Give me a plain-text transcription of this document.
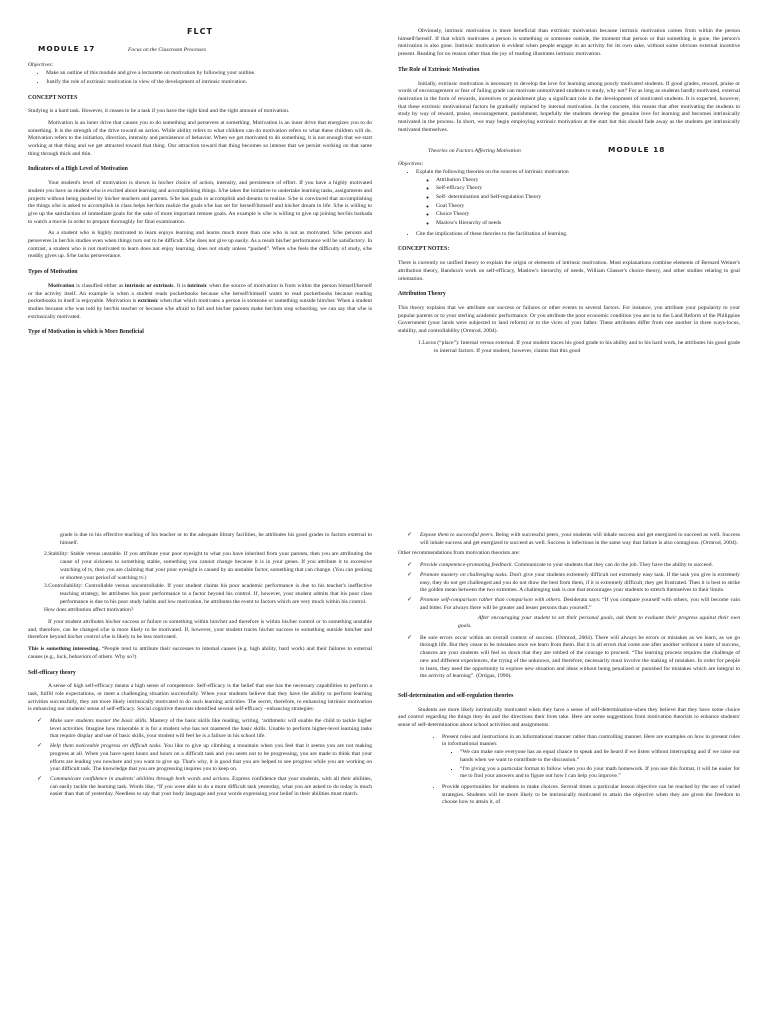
FLCT
MODULE 17	Focus on the Classroom Processes

Objectives:

• Make an outline of this module and give a lecturette on motivation by following your outline.
• Justify the role of extrinsic motivation in view of the development of intrinsic motivation.

CONCEPT NOTES

Studying is a hard task. However, it ceases to be a task if you have the right kind and the right amount of motivation.

Motivation is an inner drive that causes you to do something and persevere at something. Motivation is an inner drive that energizes you to do something. It is the strength of the drive toward an action. While ability refers to what children can do motivation refers to what these children will do. Motivation refers to the initiation, direction, intensity and persistence of behavior. When we get motivated to do something, it is not enough that we start working at that thing and we get attracted toward that thing. Our attraction toward that thing becomes so intense that we persist working on that same thing through thick and thin.

Indicators of a High Level of Motivation

Your student's level of motivation is shown in his/her choice of action, intensity, and persistence of effort. If you have a highly motivated student you have as student who is excited about learning and accomplishing things. S/he takes the initiative to undertake learning tasks, assignments and projects without being pushed by his/her teachers and parents. S/he has goals to accomplish and dreams to realize. S/he is convinced that accomplishing the things s/he is asked to accomplish in class helps her/him realize the goals s/he has set for herself/himself and his/her dream in life. S/he is willing to give up the satisfaction of immediate goals for the sake of more important remote goals. An example is s/he is willing to give up joining her/his barkada to watch a movie in order to prepare thoroughly for final examination.

As a student who is highly motivated to learn enjoys learning and learns much more than one who is not as motivated. S/he persists and perseveres in her/his studies even when things turn out to be difficult. S/he does not give up easily. As a result his/her performance will be satisfactory. In contrast, a student who is not motivated to learn does not enjoy learning, does not study unless “pushed”. When s/he feels the difficulty of study, s/he readily gives up. S/he lacks perseverance.

Types of Motivation

Motivation is classified either as intrinsic or extrinsic. It is intrinsic when the source of motivation is from within the person himself/herself or the activity itself. An example is when a student reads pocketbooks because s/he herself/himself wants to read pocketbooks because reading pocketbooks in itself is enjoyable. Motivation is extrinsic when that which motivates a person is someone or something outside him/her. When a student studies because s/he was told by her/his teacher or because s/he afraid to fail and his/her parents make her/him stop schooling, we can say that s/he is extrinsically motivated.

Type of Motivation in which is More Beneficial

Obviously, intrinsic motivation is more beneficial than extrinsic motivation because intrinsic motivation comes from within the person himself/herself. If that which motivates a person is something or someone outside, the moment that person or that something is gone, the person's motivation is also gone. Intrinsic motivation is evident when people engage in an activity for its own sake, without some obvious external incentive present. Reading for no reason other than the joy of reading illustrates intrinsic motivation.

The Role of Extrinsic Motivation

Initially, extrinsic motivation is necessary to develop the love for learning among poorly motivated students. If good grades, reward, praise or words of encouragement or fear of failing grade can motivate unmotivated students to study, why not? For as long as students hardly motivated, external motivation in the form of rewards, incentives or punishment play a significant role in the development of motivated students. It is expected, however, that these extrinsic motivational factors be gradually replaced by internal motivation. In the concrete, this means that after motivating the students to study by way of reward, praise, encouragement, punishment, hopefully the students develop the genuine love for learning and becomes intrinsically motivated in the process. In short, we may begin employing extrinsic motivation at the start but this should fade away as the students get intrinsically motivated themselves.

Theories on Factors Affecting Motivation	MODULE 18

Objectives:

• Explain the following theories on the sources of intrinsic motivation
◦ Attribution Theory
◦ Self-efficacy Theory
◦ Self- determination and Self-regulation Theory
◦ Goal Theory
◦ Choice Theory
◦ Maslow's Hierarchy of needs
• Cite the implications of these theories to the facilitation of learning.

CONCEPT NOTES:

There is currently no unified theory to explain the origin or elements of intrinsic motivation. Most explanations combine elements of Bernard Weiner's attribution theory, Bandura's work on self-efficacy, Maslow's hierarchy of needs, William Glasser's choice theory, and other studies relating to goal orientation.

Attribution Theory

This theory explains that we attribute our success or failures or other events to several factors. For instance, you attribute your popularity to your popular parents or to your sterling academic performance. Or you attribute the poor economic condition you are in to the Land Reform of the Philippine Government (your lands were subjected to land reform) or to the vices of your father. These attributes differ from one another in three ways-locus, stability, and controllability (Ormrod, 2004).

1.Locus (“place”): Internal versus external. If your student traces his good grade to his ability and to his hard work, he attributes his good grade to internal factors. If your student, however, claims that this good

grade is due to his effective teaching of his teacher or to the adequate library facilities, he attributes his good grades to factors external to himself.

2.Stability: Stable versus unstable. If you attribute your poor eyesight to what you have inherited from your parents, then you are attributing the cause of your sickness to something stable, something you cannot change because it is in your genes. If you attribute it to excessive watching of tv, then you are claiming that your poor eyesight is caused by an unstable factor, something that can change. (You can prolong or shorten your period of watching tv.)

3.Controllability: Controllable versus uncontrollable. If your student claims his poor academic performance is due to his teacher's ineffective teaching strategy, he attributes his poor performance to a factor beyond his control. If, however, your student admits that his poor class performance is due to his poor study habits and low motivation, he attributes the event to factors which are very much within his control.

How does attribution affect motivation?

If your student attributes his/her success or failure to something within him/her and therefore is within his/her control or to something unstable and, therefore, can be changed s/he is more likely to be motivated. If, however, your student traces his/her success to something outside him/her and therefore beyond his/her control s/he is likely to be less motivated.

This is something interesting. “People tend to attribute their successes to internal causes (e.g. high ability, hard work) and their failures to external causes (e.g., luck, behaviors of others. Why so?)

Self-efficacy theory

A sense of high self-efficacy means a high sense of competence. Self-efficacy is the belief that one has the necessary capabilities to perform a task, fulfill role expectations, or meet a challenging situation successfully. When your students believe that they have the ability to perform learning activities successfully, they are more likely intrinsically motivated to do such learning activities. The secret, therefore, to enhancing intrinsic motivation is enhancing our students' sense of self-efficacy. Social cognitive theorists identified several self-efficacy –enhancing strategies:

✓ Make sure students master the basic skills. Mastery of the basic skills like reading, writing, ‘arithmetic will enable the child to tackle higher level activities. Imagine how miserable it is for a student who has not mastered the basic skills. Unable to perform higher-level learning tasks that require display and use of basic skills, your student will feel he is a failure in his school life.
✓ Help them noticeable progress on difficult tasks. You like to give up climbing a mountain when you feel that it seems you are not making progress at all. When you have spent hours and hours on a difficult task and you seem not to be progressing, you are made to think that your efforts are leading you nowhere and you want to give up. That's why, it is good that you are helped to see progress while you are working on your difficult task. The knowledge that you are progressing inspires you to keep on.
✓ Communicate confidence in students' abilities through both words and actions. Express confidence that your students, with all their abilities, can easily tackle the learning task. Words like, “If you were able to do a more difficult task yesterday, what you are asked to do today is much easier than that of yesterday. Needless to say that your body language and your words expressing your belief in their abilities must match.
✓ Expose them to successful peers. Being with successful peers, your students will inhale success and get energized to succeed as well. Success will inhale success and get energized to succeed as well. Success is infectious in the same way that failure is also contagious. (Ormrod, 2004).

Other recommendations from motivation theorists are:

✓ Provide competence-promoting feedback. Communicate to your students that they can do the job. They have the ability to succeed.
✓ Promote mastery on challenging tasks. Don't give your students extremely difficult not extremely easy task. If the task you give is extremely easy, they do not get challenged and you do not draw the best from them, if it is extremely difficult, they get frustrated. Then it is best to strike the golden mean between the two extremes. A challenging task is one that encourages your students to stretch themselves to their limits.
✓ Promote self-comparison rather than comparison with others. Desiderata says: “If you compare yourself with others, you will become vain and bitter. For always there will be greater and lesser persons than yourself.”

After encouraging your student to set their personal goals, ask them to evaluate their progress against their own goals.

✓ Be sure errors occur within an overall context of success. (Ormrod, 2004). There will always be errors or mistakes as we learn, as we go through life. But they cease to be mistakes once we learn from them. But it is all errors that come one after another without a taste of success, chances are your students will feel so down that they are robbed of the courage to proceed. “The learning process requires the challenge of new and different experiences, the trying of the unknown, and therefore, necessarily must involve the making of mistakes. In order for people to learn, they need the opportunity to explore new situation and ideas without being penalized or punished for mistakes which are integral to the activity of learning”. (Ortigas, 1990).

Self-determination and self-regulation theories

Students are more likely intrinsically motivated when they have a sense of self-determination-when they believe that they have some choice and control regarding the things they do and the directions their lives take. Here are some suggestions from motivation theorists to enhance students' sense of self-determination about school activities and assignments.

• Present rules and instructions in an informational manner rather than controlling manner. Here are examples on how to present rules in informational manner.
▪ “We can make sure everyone has an equal chance to speak and be heard if we listen without interrupting and if we raise our hands when we want to contribute to the discussion.”
▪ “I'm giving you a particular format to follow when you do your math homework. If you use this format, it will be easier for me to find your answers and to figure out how I can help you improve.”
• Provide opportunities for students to make choices. Several times a particular lesson objective can be reached by the use of varied strategies. Students will be more likely to be intrinsically motivated to attain the objective when they are given the freedom to choose how to attain it, of
